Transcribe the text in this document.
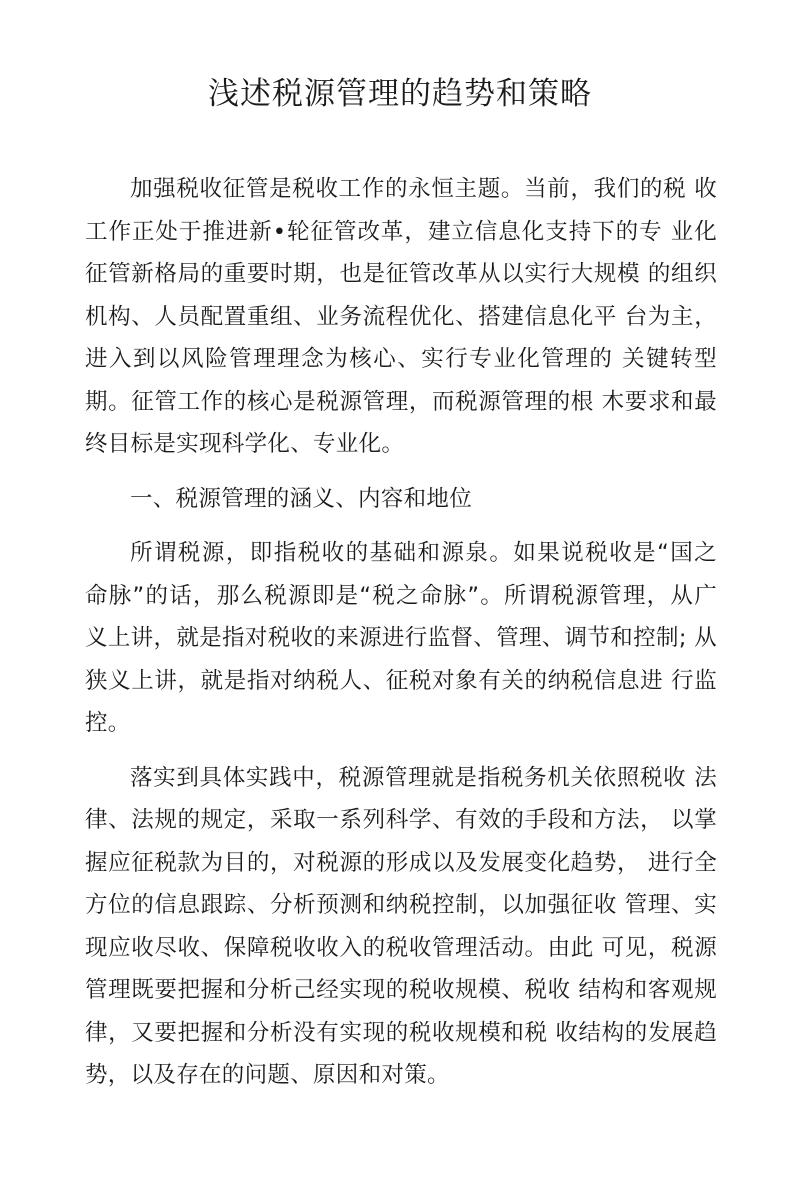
浅述税源管理的趋势和策略

加强税收征管是税收工作的永恒主题。当前，我们的税 收工作正处于推进新•轮征管改革，建立信息化支持下的专 业化征管新格局的重要时期，也是征管改革从以实行大规模 的组织机构、人员配置重组、业务流程优化、搭建信息化平 台为主，进入到以风险管理理念为核心、实行专业化管理的 关键转型期。征管工作的核心是税源管理，而税源管理的根 木要求和最终目标是实现科学化、专业化。

一、税源管理的涵义、内容和地位

所谓税源，即指税收的基础和源泉。如果说税收是“国之 命脉”的话，那么税源即是“税之命脉”。所谓税源管理，从广 义上讲，就是指对税收的来源进行监督、管理、调节和控制; 从狭义上讲，就是指对纳税人、征税对象有关的纳税信息进 行监控。

落实到具体实践中，税源管理就是指税务机关依照税收 法律、法规的规定，采取一系列科学、有效的手段和方法， 以掌握应征税款为目的，对税源的形成以及发展变化趋势， 进行全方位的信息跟踪、分析预测和纳税控制，以加强征收 管理、实现应收尽收、保障税收收入的税收管理活动。由此 可见，税源管理既要把握和分析己经实现的税收规模、税收 结构和客观规律，又要把握和分析没有实现的税收规模和税 收结构的发展趋势，以及存在的问题、原因和对策。
